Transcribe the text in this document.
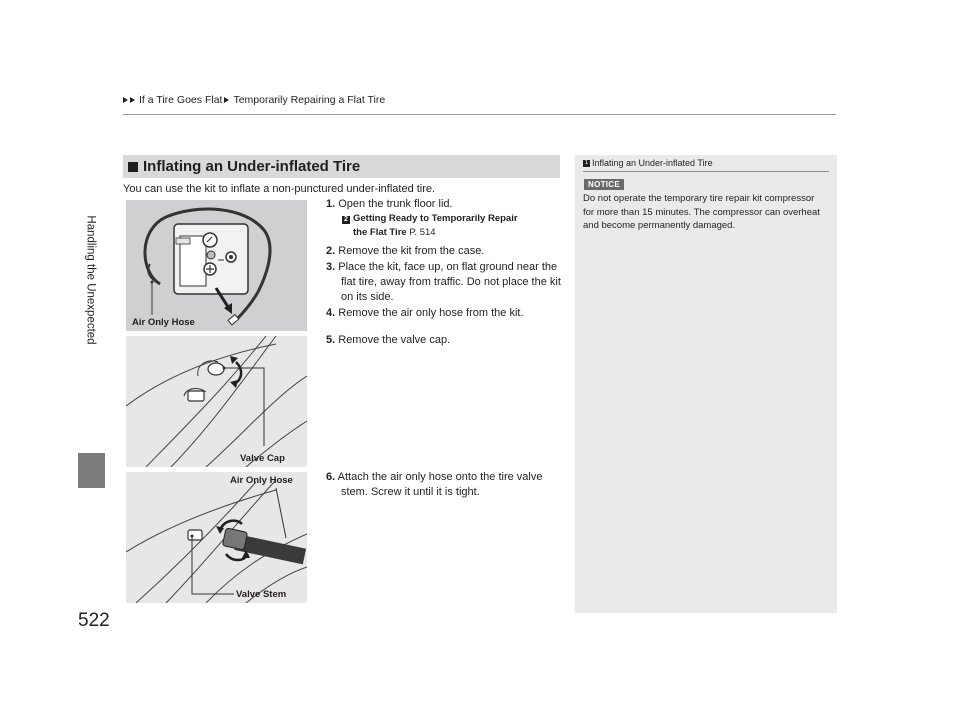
If a Tire Goes Flat Temporarily Repairing a Flat Tire
Handling the Unexpected
522
Inflating an Under-inflated Tire
You can use the kit to inflate a non-punctured under-inflated tire.
Air Only Hose
Valve Cap
Air Only Hose
Valve Stem
1. Open the trunk floor lid.
2 Getting Ready to Temporarily Repair
the Flat Tire P. 514
2. Remove the kit from the case.
3. Place the kit, face up, on flat ground near the flat tire, away from traffic. Do not place the kit on its side.
4. Remove the air only hose from the kit.
5. Remove the valve cap.
6. Attach the air only hose onto the tire valve stem. Screw it until it is tight.
1 Inflating an Under-inflated Tire
NOTICE
Do not operate the temporary tire repair kit compressor for more than 15 minutes. The compressor can overheat and become permanently damaged.
